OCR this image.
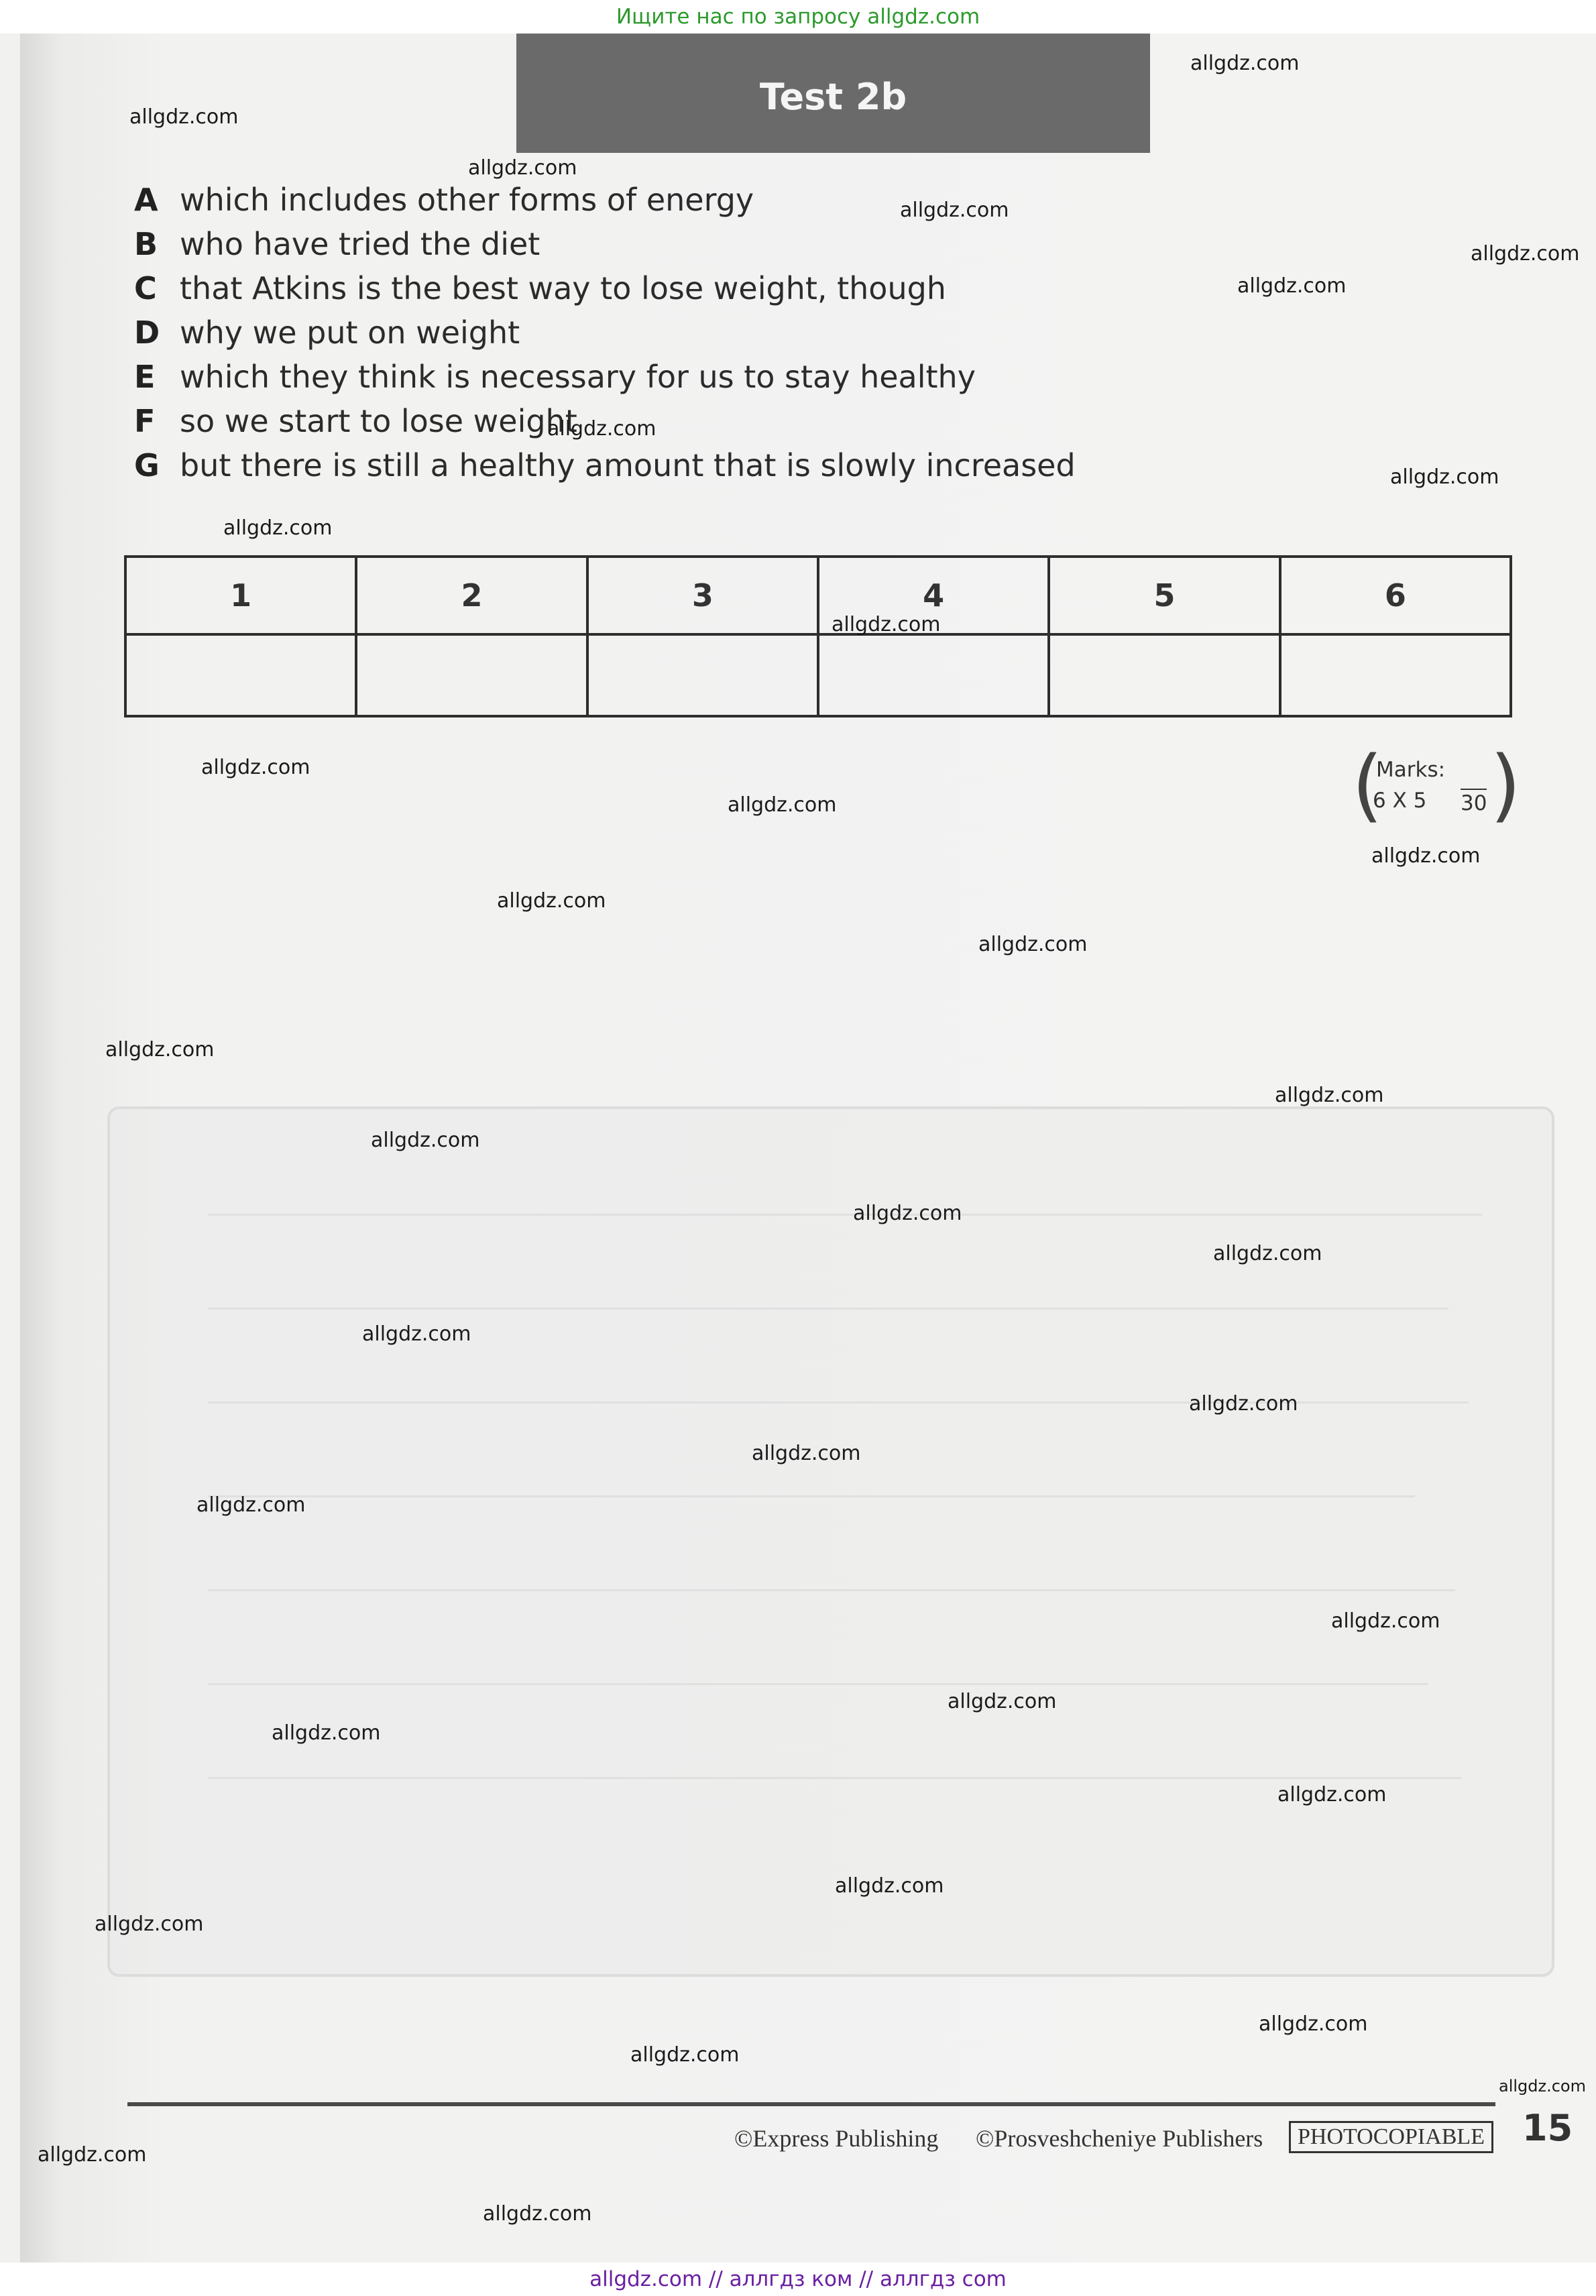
Ищите нас по запросу allgdz.com
Test 2b
A which includes other forms of energy
B who have tried the diet
C that Atkins is the best way to lose weight, though
D why we put on weight
E which they think is necessary for us to stay healthy
F so we start to lose weight
G but there is still a healthy amount that is slowly increased
1	2	3	4	5	6

(
Marks:
6 X 5 30 )
©Express Publishing ©Prosveshcheniye Publishers	PHOTOCOPIABLE 15
allgdz.com
allgdz.com
allgdz.com
allgdz.com
allgdz.com
allgdz.com
allgdz.com
allgdz.com
allgdz.com
allgdz.com
allgdz.com
allgdz.com
allgdz.com
allgdz.com
allgdz.com
allgdz.com
allgdz.com
allgdz.com
allgdz.com
allgdz.com
allgdz.com
allgdz.com
allgdz.com
allgdz.com
allgdz.com
allgdz.com
allgdz.com
allgdz.com
allgdz.com
allgdz.com
allgdz.com
allgdz.com
allgdz.com
allgdz.com
allgdz.com
allgdz.com // аллгдз ком // аллгдз com
